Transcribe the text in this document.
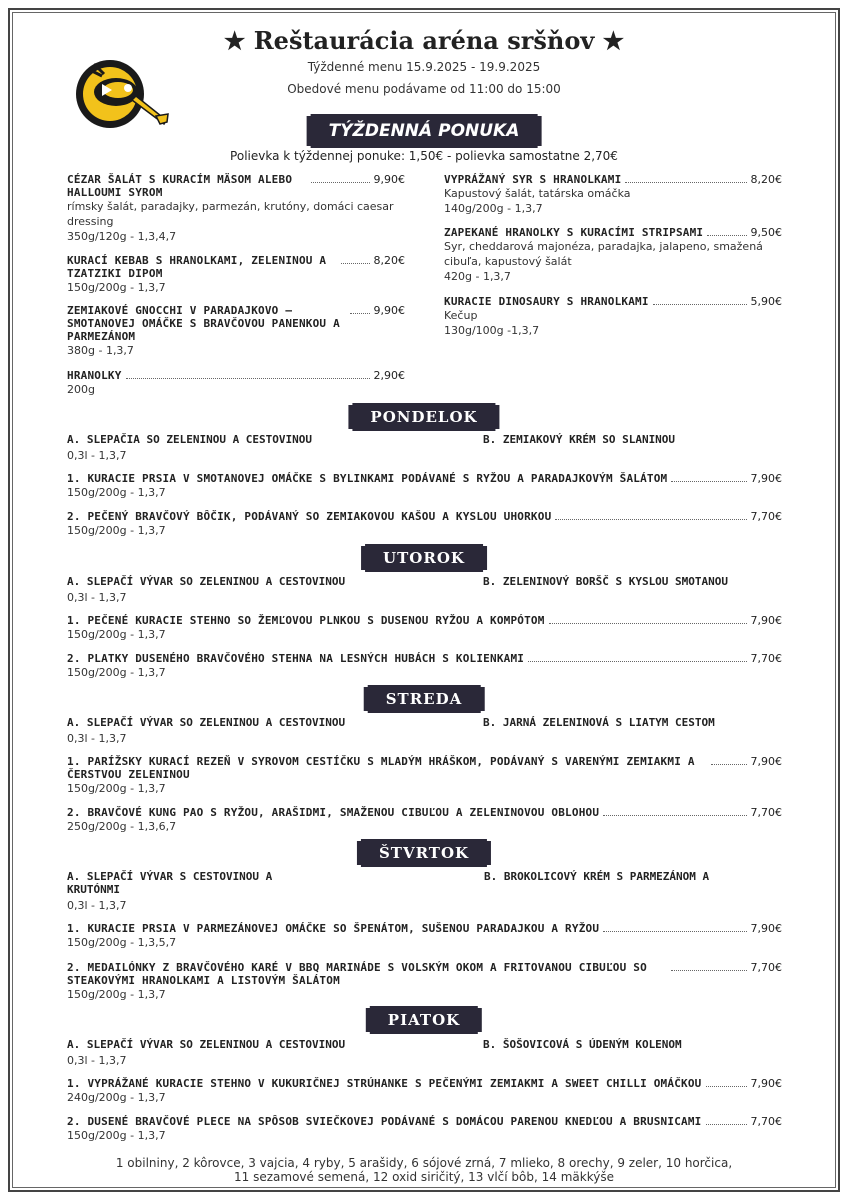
★ Reštaurácia aréna sršňov ★
Týždenné menu 15.9.2025 - 19.9.2025
Obedové menu podávame od 11:00 do 15:00
TÝŽDENNÁ PONUKA
Polievka k týždennej ponuke: 1,50€ - polievka samostatne 2,70€
CÉZAR ŠALÁT S KURACÍM MÄSOM ALEBO HALLOUMI SYROM
9,90€
rímsky šalát, paradajky, parmezán, krutóny, domáci caesar dressing
350g/120g - 1,3,4,7
KURACÍ KEBAB S HRANOLKAMI, ZELENINOU A TZATZIKI DIPOM
8,20€
150g/200g - 1,3,7
ZEMIAKOVÉ GNOCCHI V PARADAJKOVO – SMOTANOVEJ OMÁČKE S BRAVČOVOU PANENKOU A PARMEZÁNOM
9,90€
380g - 1,3,7
HRANOLKY	2,90€
200g
VYPRÁŽANÝ SYR S HRANOLKAMI	8,20€
Kapustový šalát, tatárska omáčka
140g/200g - 1,3,7
ZAPEKANÉ HRANOLKY S KURACÍMI STRIPSAMI	9,50€
Syr, cheddarová majonéza, paradajka, jalapeno, smažená cibuľa, kapustový šalát
420g - 1,3,7
KURACIE DINOSAURY S HRANOLKAMI	5,90€
Kečup
130g/100g -1,3,7
PONDELOK
A. SLEPAČIA SO ZELENINOU A CESTOVINOU	B. ZEMIAKOVÝ KRÉM SO SLANINOU
0,3l - 1,3,7
1. KURACIE PRSIA V SMOTANOVEJ OMÁČKE S BYLINKAMI PODÁVANÉ S RYŽOU A PARADAJKOVÝM ŠALÁTOM	7,90€
150g/200g - 1,3,7
2. PEČENÝ BRAVČOVÝ BÔČIK, PODÁVANÝ SO ZEMIAKOVOU KAŠOU A KYSLOU UHORKOU	7,70€
150g/200g - 1,3,7
UTOROK
A. SLEPAČÍ VÝVAR SO ZELENINOU A CESTOVINOU	B. ZELENINOVÝ BORŠČ S KYSLOU SMOTANOU
0,3l - 1,3,7
1. PEČENÉ KURACIE STEHNO SO ŽEMĽOVOU PLNKOU S DUSENOU RYŽOU A KOMPÓTOM	7,90€
150g/200g - 1,3,7
2. PLATKY DUSENÉHO BRAVČOVÉHO STEHNA NA LESNÝCH HUBÁCH S KOLIENKAMI	7,70€
150g/200g - 1,3,7
STREDA
A. SLEPAČÍ VÝVAR SO ZELENINOU A CESTOVINOU	B. JARNÁ ZELENINOVÁ S LIATYM CESTOM
0,3l - 1,3,7
1. PARÍŽSKY KURACÍ REZEŇ V SYROVOM CESTÍČKU S MLADÝM HRÁŠKOM, PODÁVANÝ S VARENÝMI ZEMIAKMI A ČERSTVOU ZELENINOU
7,90€
150g/200g - 1,3,7
2. BRAVČOVÉ KUNG PAO S RYŽOU, ARAŠIDMI, SMAŽENOU CIBUĽOU A ZELENINOVOU OBLOHOU	7,70€
250g/200g - 1,3,6,7
ŠTVRTOK
A. SLEPAČÍ VÝVAR S CESTOVINOU A KRUTÓNMI
B. BROKOLICOVÝ KRÉM S PARMEZÁNOM A
0,3l - 1,3,7
1. KURACIE PRSIA V PARMEZÁNOVEJ OMÁČKE SO ŠPENÁTOM, SUŠENOU PARADAJKOU A RYŽOU	7,90€
150g/200g - 1,3,5,7
2. MEDAILÓNKY Z BRAVČOVÉHO KARÉ V BBQ MARINÁDE S VOLSKÝM OKOM A FRITOVANOU CIBUĽOU SO STEAKOVÝMI HRANOLKAMI A LISTOVÝM ŠALÁTOM
7,70€
150g/200g - 1,3,7
PIATOK
A. SLEPAČÍ VÝVAR SO ZELENINOU A CESTOVINOU	B. ŠOŠOVICOVÁ S ÚDENÝM KOLENOM
0,3l - 1,3,7
1. VYPRÁŽANÉ KURACIE STEHNO V KUKURIČNEJ STRÚHANKE S PEČENÝMI ZEMIAKMI A SWEET CHILLI OMÁČKOU	7,90€
240g/200g - 1,3,7
2. DUSENÉ BRAVČOVÉ PLECE NA SPÔSOB SVIEČKOVEJ PODÁVANÉ S DOMÁCOU PARENOU KNEDĽOU A BRUSNICAMI	7,70€
150g/200g - 1,3,7
1 obilniny, 2 kôrovce, 3 vajcia, 4 ryby, 5 arašidy, 6 sójové zrná, 7 mlieko, 8 orechy, 9 zeler, 10 horčica,
11 sezamové semená, 12 oxid siričitý, 13 vlčí bôb, 14 mäkkýše
